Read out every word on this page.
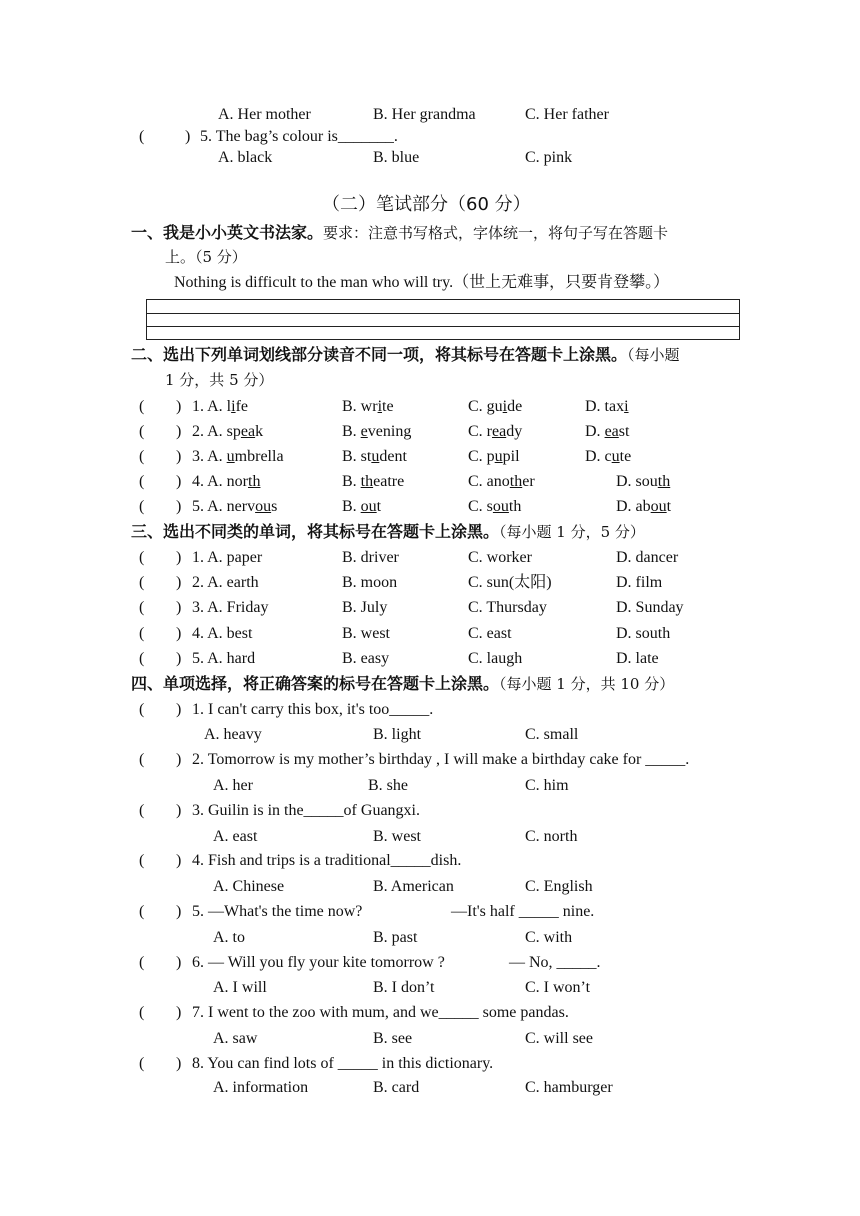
A. Her mother	B. Her grandma	C. Her father
(	) 5. The bag’s colour is_______.
A. black	B. blue	C. pink
（二）笔试部分（60 分）
一、我是小小英文书法家。要求：注意书写格式，字体统一，将句子写在答题卡
上。（5 分）
Nothing is difficult to the man who will try.（世上无难事，只要肯登攀。）
二、选出下列单词划线部分读音不同一项，将其标号在答题卡上涂黑。（每小题
1 分，共 5 分）
( ) 1. A. life	B. write	C. guide	D. taxi
( ) 2. A. speak	B. evening	C. ready	D. east
( ) 3. A. umbrella	B. student	C. pupil	D. cute
( ) 4. A. north	B. theatre	C. another	D. south
( ) 5. A. nervous	B. out	C. south	D. about
三、选出不同类的单词，将其标号在答题卡上涂黑。（每小题 1 分，5 分）
( ) 1. A. paper	B. driver	C. worker	D. dancer
( ) 2. A. earth	B. moon	C. sun(太阳)	D. film
( ) 3. A. Friday	B. July	C. Thursday	D. Sunday
( ) 4. A. best	B. west	C. east	D. south
( ) 5. A. hard	B. easy	C. laugh	D. late
四、单项选择，将正确答案的标号在答题卡上涂黑。（每小题 1 分，共 10 分）
( ) 1. I can't carry this box, it's too_____.
A. heavy	B. light	C. small
( ) 2. Tomorrow is my mother’s birthday , I will make a birthday cake for _____.
A. her	B. she	C. him
( ) 3. Guilin is in the_____of Guangxi.
A. east	B. west	C. north
( ) 4. Fish and trips is a traditional_____dish.
A. Chinese	B. American	C. English
( ) 5. —What's the time now?	—It's half _____ nine.
A. to	B. past	C. with
( ) 6. — Will you fly your kite tomorrow ?	— No, _____.
A. I will	B. I don’t	C. I won’t
( ) 7. I went to the zoo with mum, and we_____ some pandas.
A. saw	B. see	C. will see
( ) 8. You can find lots of _____ in this dictionary.
A. information	B. card	C. hamburger
